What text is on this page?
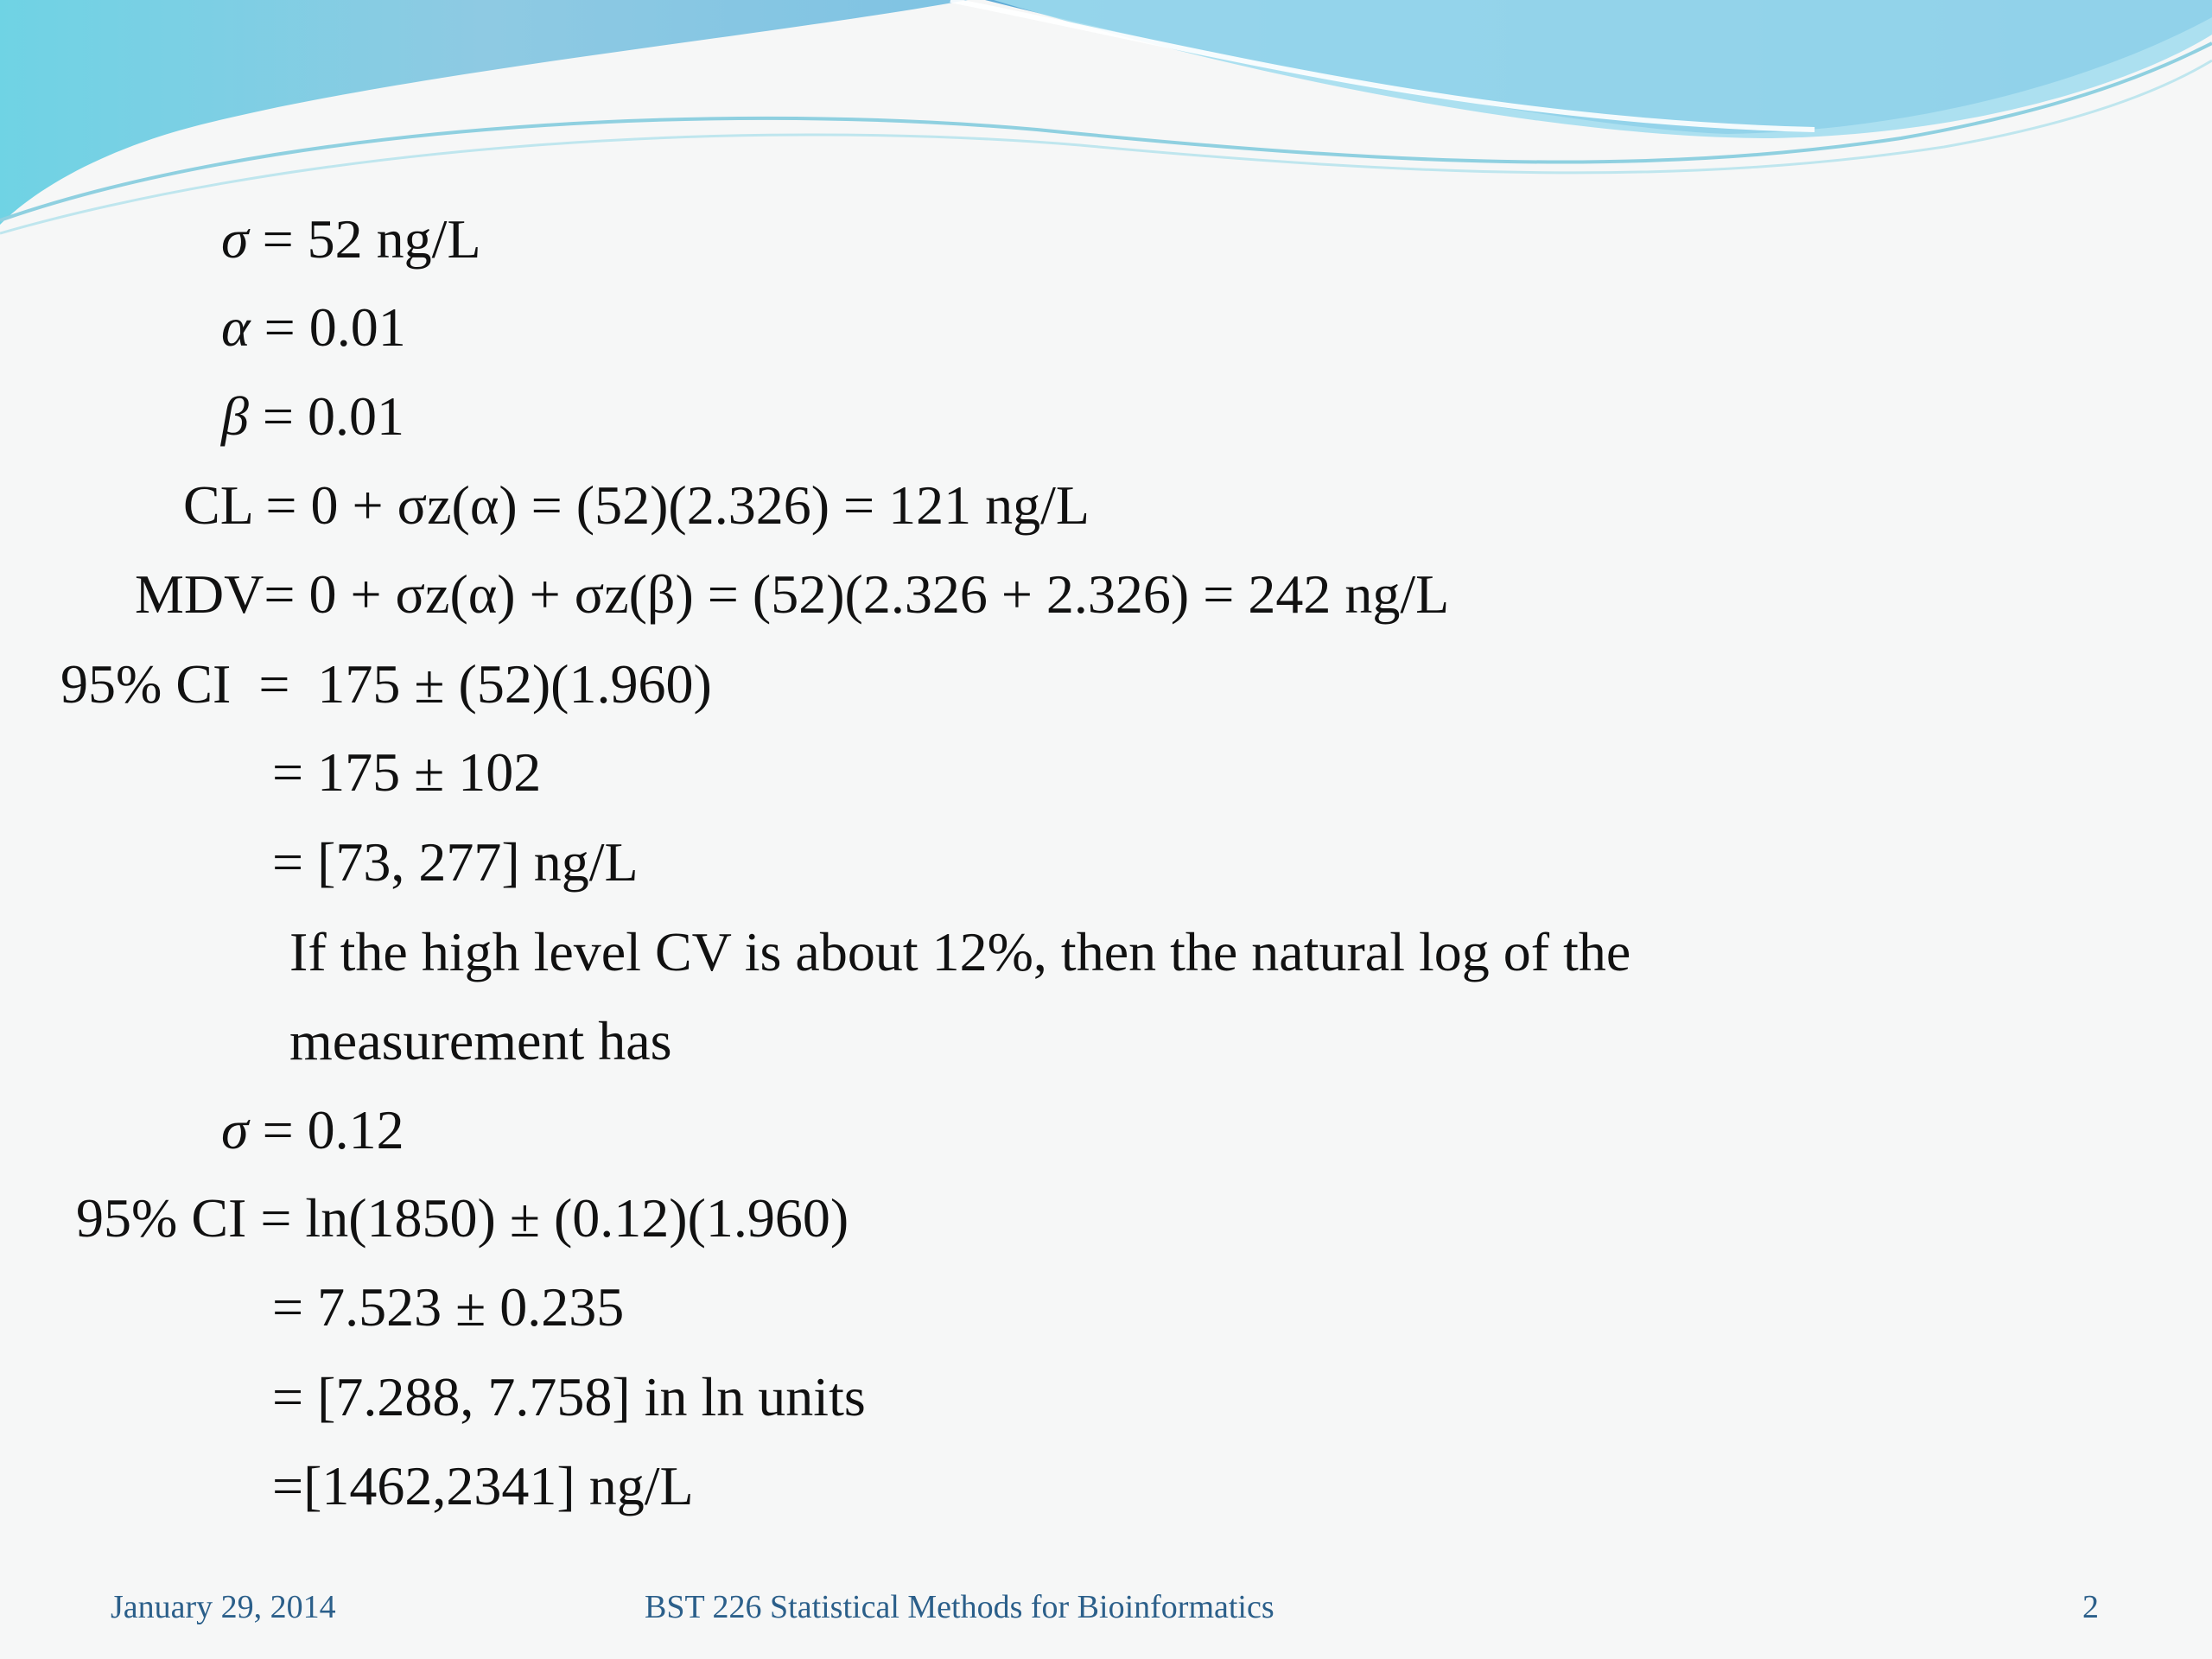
σ = 52 ng/L
α = 0.01
β = 0.01
CL = 0 + σz(α) = (52)(2.326) = 121 ng/L
MDV= 0 + σz(α) + σz(β) = (52)(2.326 + 2.326) = 242 ng/L
95% CI =  175 ± (52)(1.960)
= 175 ± 102
= [73, 277] ng/L
If the high level CV is about 12%, then the natural log of the
measurement has
σ = 0.12
95% CI = ln(1850) ± (0.12)(1.960)
= 7.523 ± 0.235
= [7.288, 7.758] in ln units
=[1462,2341] ng/L
January 29, 2014	BST 226 Statistical Methods for Bioinformatics	2
